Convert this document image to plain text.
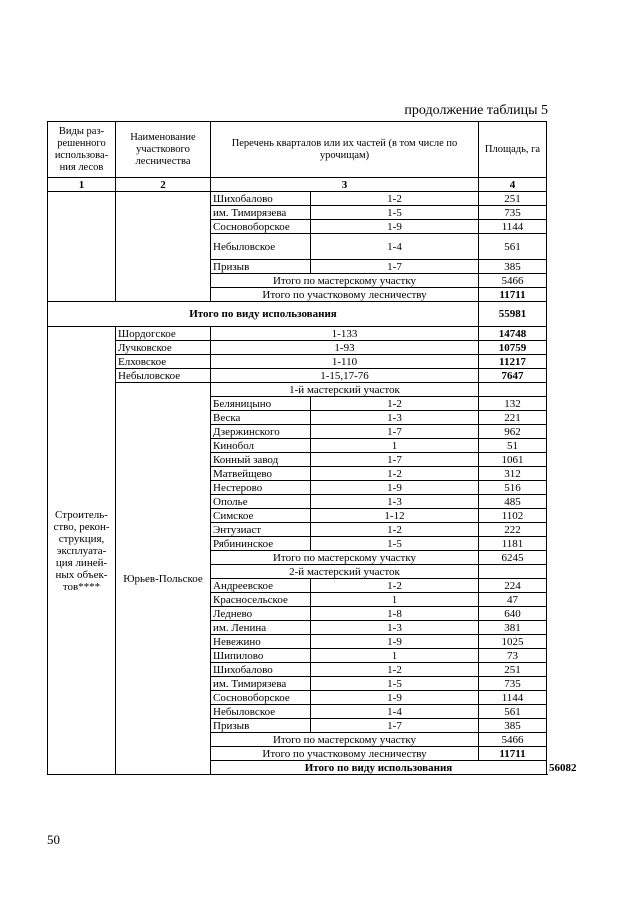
продолжение таблицы 5
Виды раз-решенного использова-ния лесов	Наименование участкового лесничества	Перечень кварталов или их частей (в том числе по урочищам)		Площадь, га	
1	2	3		4	
		Шихобалово	1-2	251	
		им. Тимирязева	1-5	735	
		Сосновоборское	1-9	1144	
		Небыловское	1-4	561	
		Призыв	1-7	385	
		Итого по мастерскому участку		5466	
		Итого по участковому лесничеству		11711	
Итого по виду использования				55981	
Строитель-ство, рекон-струкция, эксплуата-ция линей-ных объек-тов****	Шордогское	1-133		14748	
	Лучковское	1-93		10759	
	Елховское	1-110		11217	
	Небыловское	1-15,17-76		7647	
	Юрьев-Польское	1-й мастерский участок			
		Беляницыно	1-2	132	
		Веска	1-3	221	
		Дзержинского	1-7	962	
		Кинобол	1	51	
		Конный завод	1-7	1061	
		Матвейщево	1-2	312	
		Нестерово	1-9	516	
		Ополье	1-3	485	
		Симское	1-12	1102	
		Энтузиаст	1-2	222	
		Рябининское	1-5	1181	
		Итого по мастерскому участку		6245	
		2-й мастерский участок			
		Андреевское	1-2	224	
		Красносельское	1	47	
		Леднево	1-8	640	
		им. Ленина	1-3	381	
		Невежино	1-9	1025	
		Шипилово	1	73	
		Шихобалово	1-2	251	
		им. Тимирязева	1-5	735	
		Сосновоборское	1-9	1144	
		Небыловское	1-4	561	
		Призыв	1-7	385	
		Итого по мастерскому участку		5466	
		Итого по участковому лесничеству		11711	
		Итого по виду использования			56082
50
